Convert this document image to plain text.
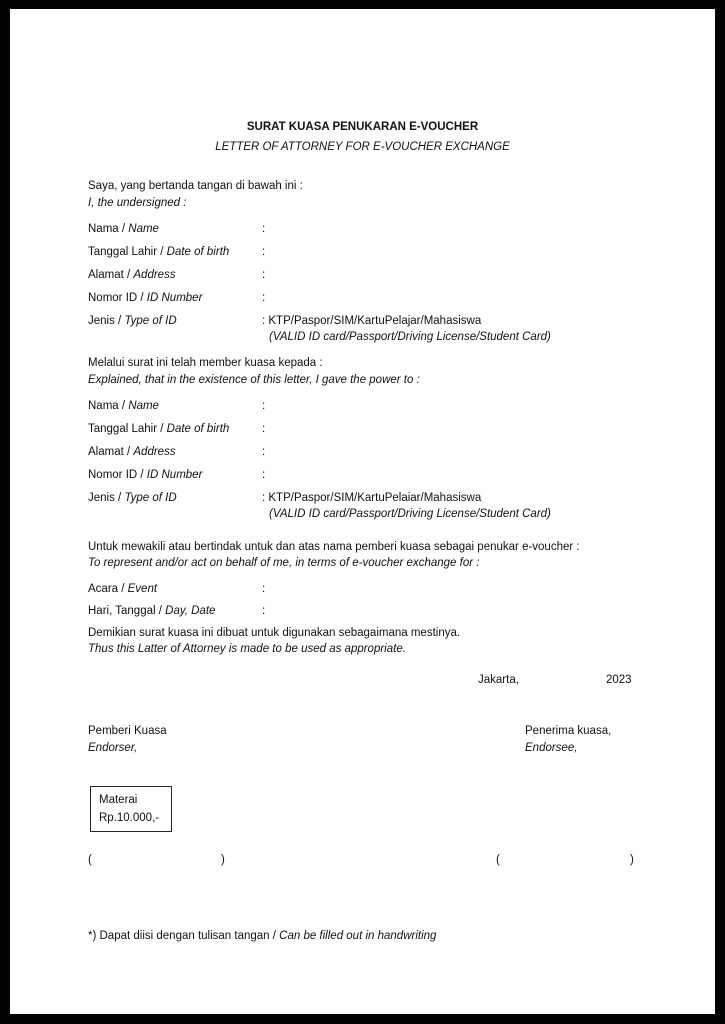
SURAT KUASA PENUKARAN E-VOUCHER
LETTER OF ATTORNEY FOR E-VOUCHER EXCHANGE
Saya, yang bertanda tangan di bawah ini :
I, the undersigned :
Nama / Name	:
Tanggal Lahir / Date of birth	:
Alamat / Address	:
Nomor ID / ID Number	:
Jenis / Type of ID	: KTP/Paspor/SIM/KartuPelajar/Mahasiswa
(VALID ID card/Passport/Driving License/Student Card)
Melalui surat ini telah member kuasa kepada :
Explained, that in the existence of this letter, I gave the power to :
Nama / Name	:
Tanggal Lahir / Date of birth	:
Alamat / Address	:
Nomor ID / ID Number	:
Jenis / Type of ID	: KTP/Paspor/SIM/KartuPelaiar/Mahasiswa
(VALID ID card/Passport/Driving License/Student Card)
Untuk mewakili atau bertindak untuk dan atas nama pemberi kuasa sebagai penukar e-voucher :
To represent and/or act on behalf of me, in terms of e-voucher exchange for :
Acara / Event	:
Hari, Tanggal / Day, Date	:
Demikian surat kuasa ini dibuat untuk digunakan sebagaimana mestinya.
Thus this Latter of Attorney is made to be used as appropriate.
Jakarta,	2023
Pemberi Kuasa
Endorser,
Penerima kuasa,
Endorsee,
Materai
Rp.10.000,-
(	)	(	)
*) Dapat diisi dengan tulisan tangan / Can be filled out in handwriting
